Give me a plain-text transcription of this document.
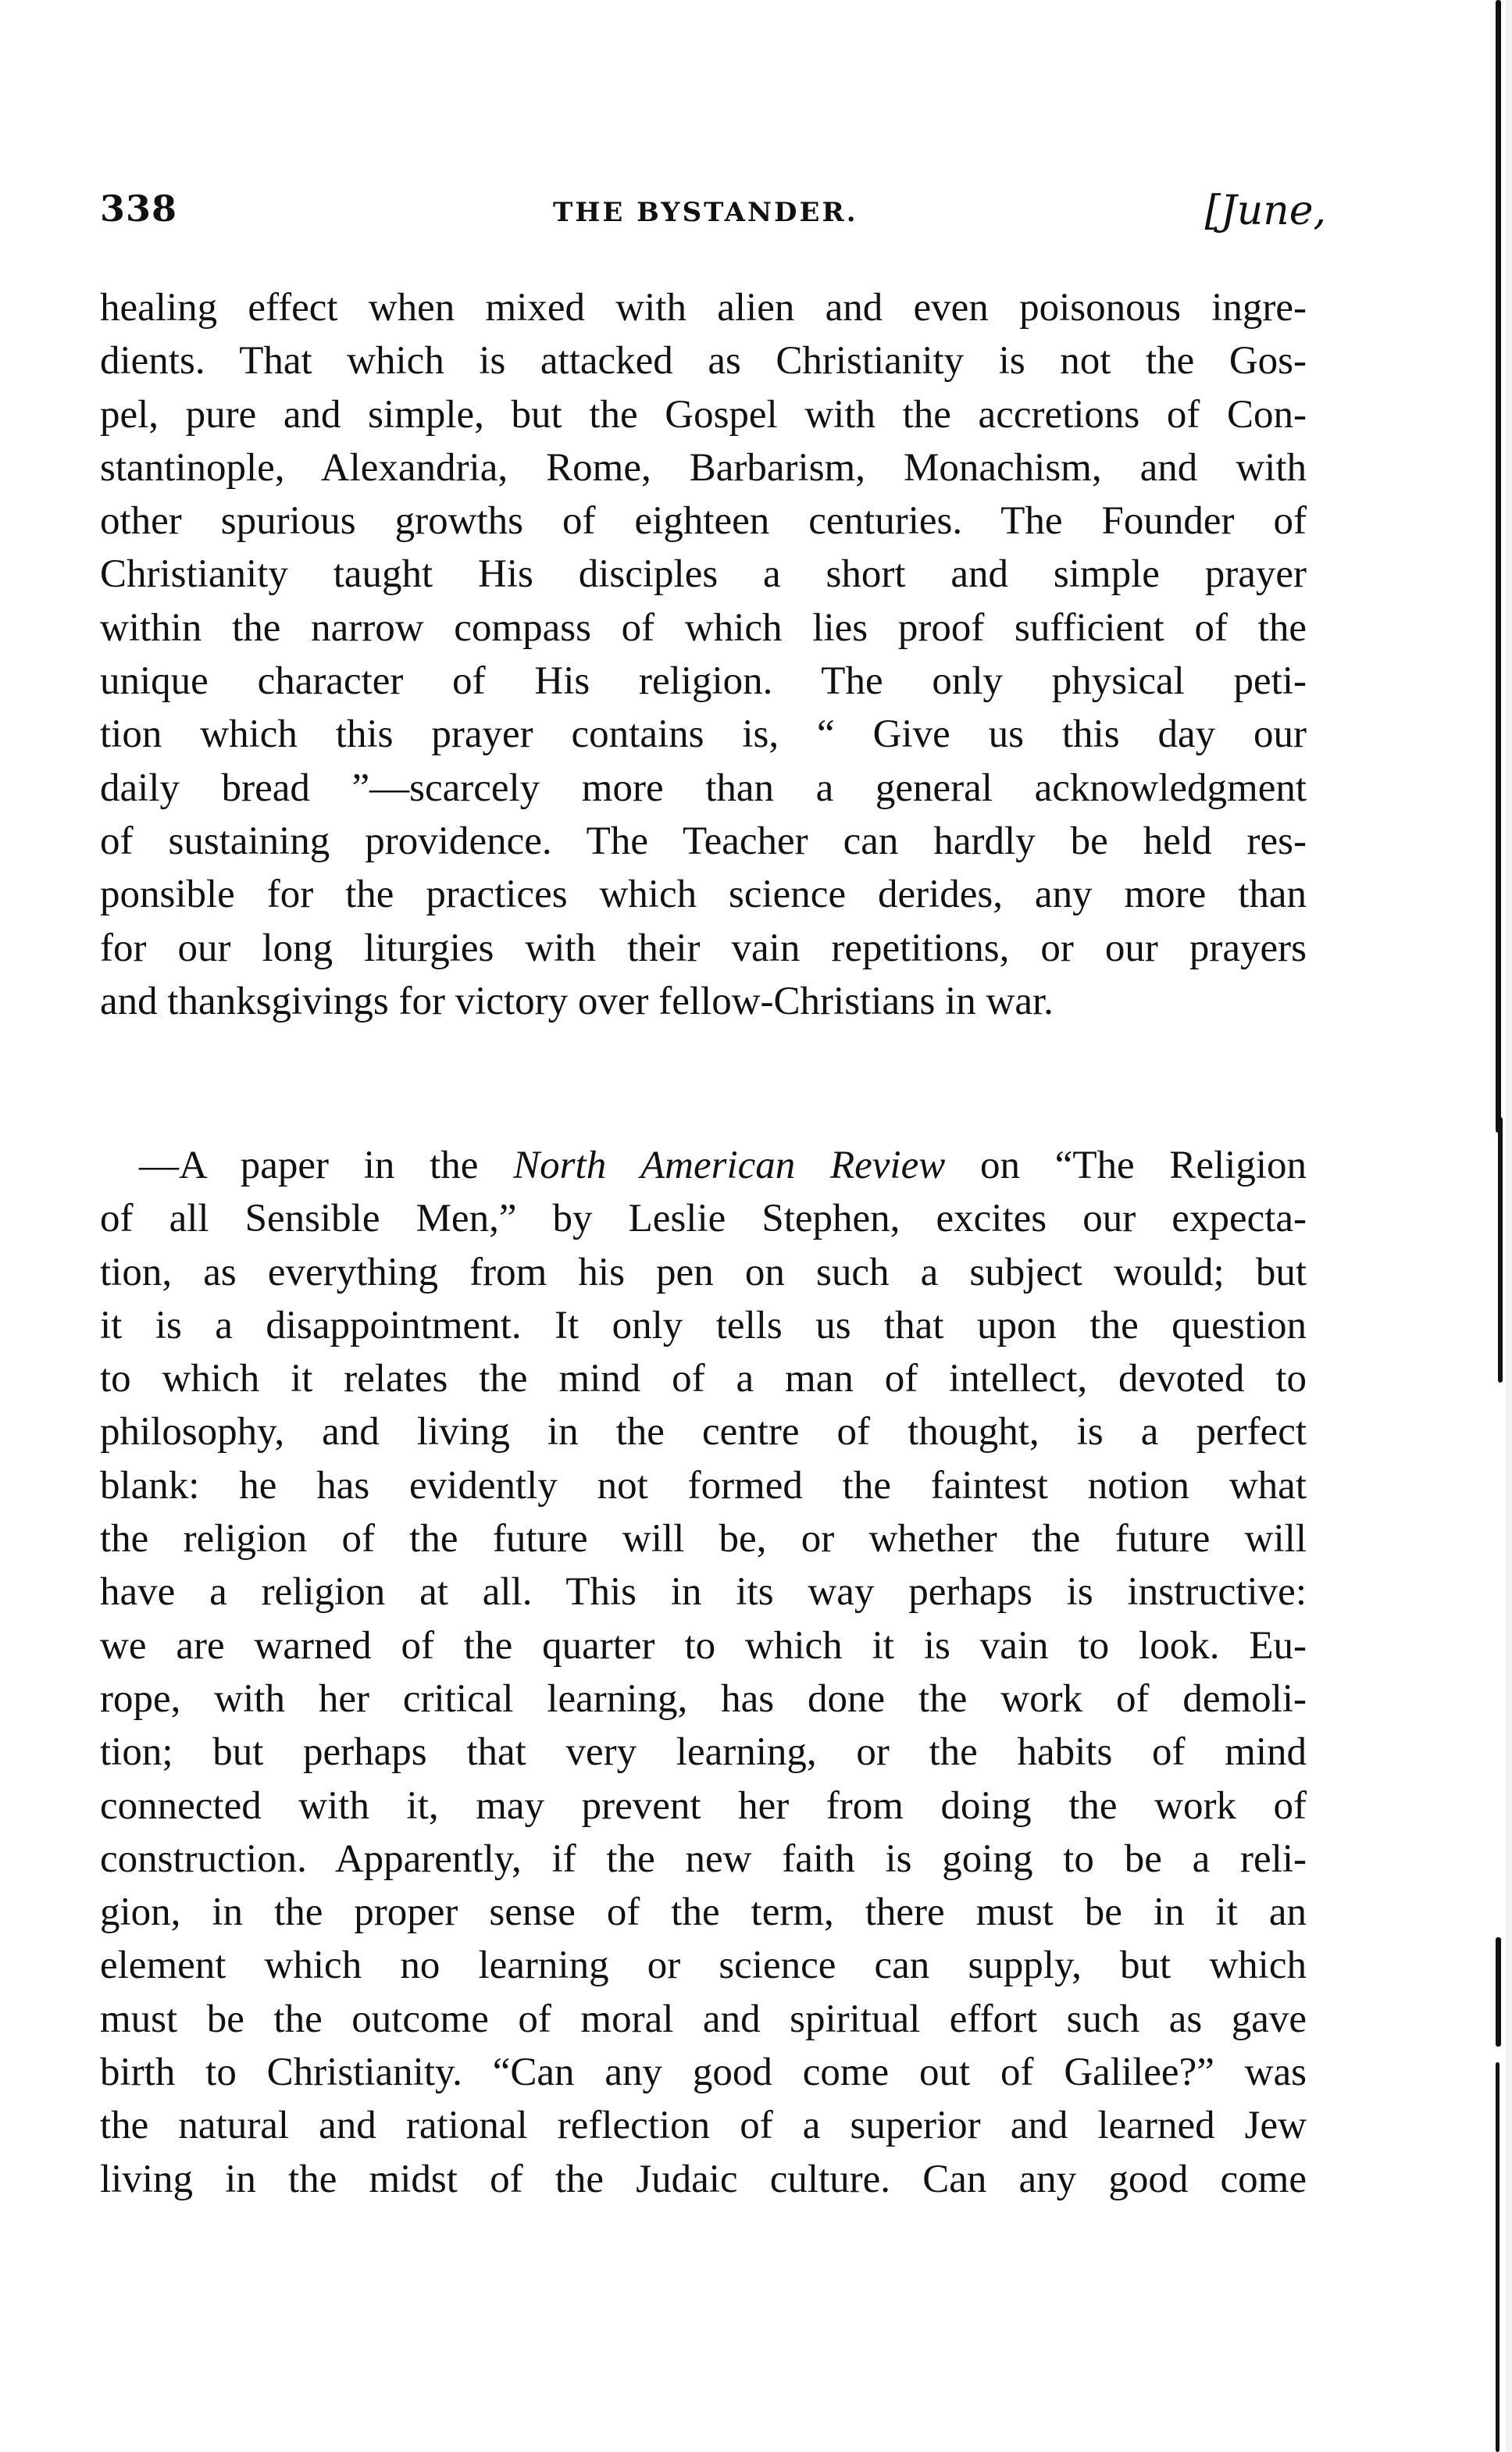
338	THE BYSTANDER.	[June,
healing effect when mixed with alien and even poisonous ingre-
dients. That which is attacked as Christianity is not the Gos-
pel, pure and simple, but the Gospel with the accretions of Con-
stantinople, Alexandria, Rome, Barbarism, Monachism, and with
other spurious growths of eighteen centuries. The Founder of
Christianity taught His disciples a short and simple prayer
within the narrow compass of which lies proof sufficient of the
unique character of His religion. The only physical peti-
tion which this prayer contains is, “ Give us this day our
daily bread ”—scarcely more than a general acknowledgment
of sustaining providence. The Teacher can hardly be held res-
ponsible for the practices which science derides, any more than
for our long liturgies with their vain repetitions, or our prayers
and thanksgivings for victory over fellow-Christians in war.
—A paper in the North American Review on “The Religion
of all Sensible Men,” by Leslie Stephen, excites our expecta-
tion, as everything from his pen on such a subject would; but
it is a disappointment. It only tells us that upon the question
to which it relates the mind of a man of intellect, devoted to
philosophy, and living in the centre of thought, is a perfect
blank: he has evidently not formed the faintest notion what
the religion of the future will be, or whether the future will
have a religion at all. This in its way perhaps is instructive:
we are warned of the quarter to which it is vain to look. Eu-
rope, with her critical learning, has done the work of demoli-
tion; but perhaps that very learning, or the habits of mind
connected with it, may prevent her from doing the work of
construction. Apparently, if the new faith is going to be a reli-
gion, in the proper sense of the term, there must be in it an
element which no learning or science can supply, but which
must be the outcome of moral and spiritual effort such as gave
birth to Christianity. “Can any good come out of Galilee?” was
the natural and rational reflection of a superior and learned Jew
living in the midst of the Judaic culture. Can any good come
